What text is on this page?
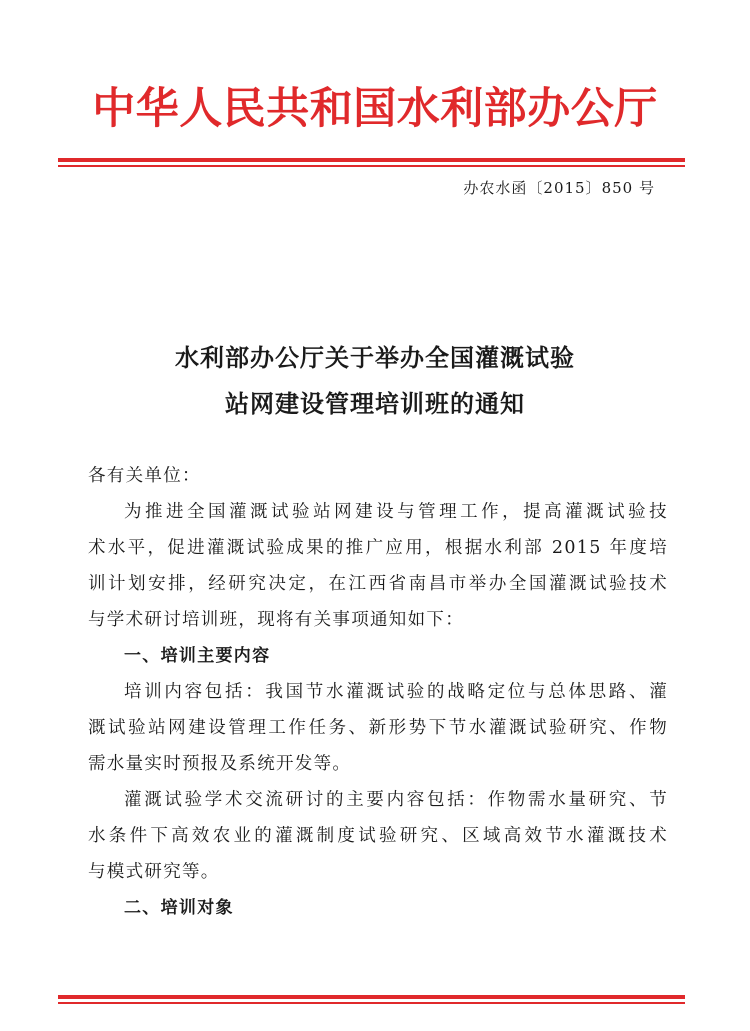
中华人民共和国水利部办公厅
办农水函〔2015〕850 号
水利部办公厅关于举办全国灌溉试验
站网建设管理培训班的通知
各有关单位：
为推进全国灌溉试验站网建设与管理工作，提高灌溉试验技
术水平，促进灌溉试验成果的推广应用，根据水利部 2015 年度培
训计划安排，经研究决定，在江西省南昌市举办全国灌溉试验技术
与学术研讨培训班，现将有关事项通知如下：
一、培训主要内容
培训内容包括：我国节水灌溉试验的战略定位与总体思路、灌
溉试验站网建设管理工作任务、新形势下节水灌溉试验研究、作物
需水量实时预报及系统开发等。
灌溉试验学术交流研讨的主要内容包括：作物需水量研究、节
水条件下高效农业的灌溉制度试验研究、区域高效节水灌溉技术
与模式研究等。
二、培训对象
